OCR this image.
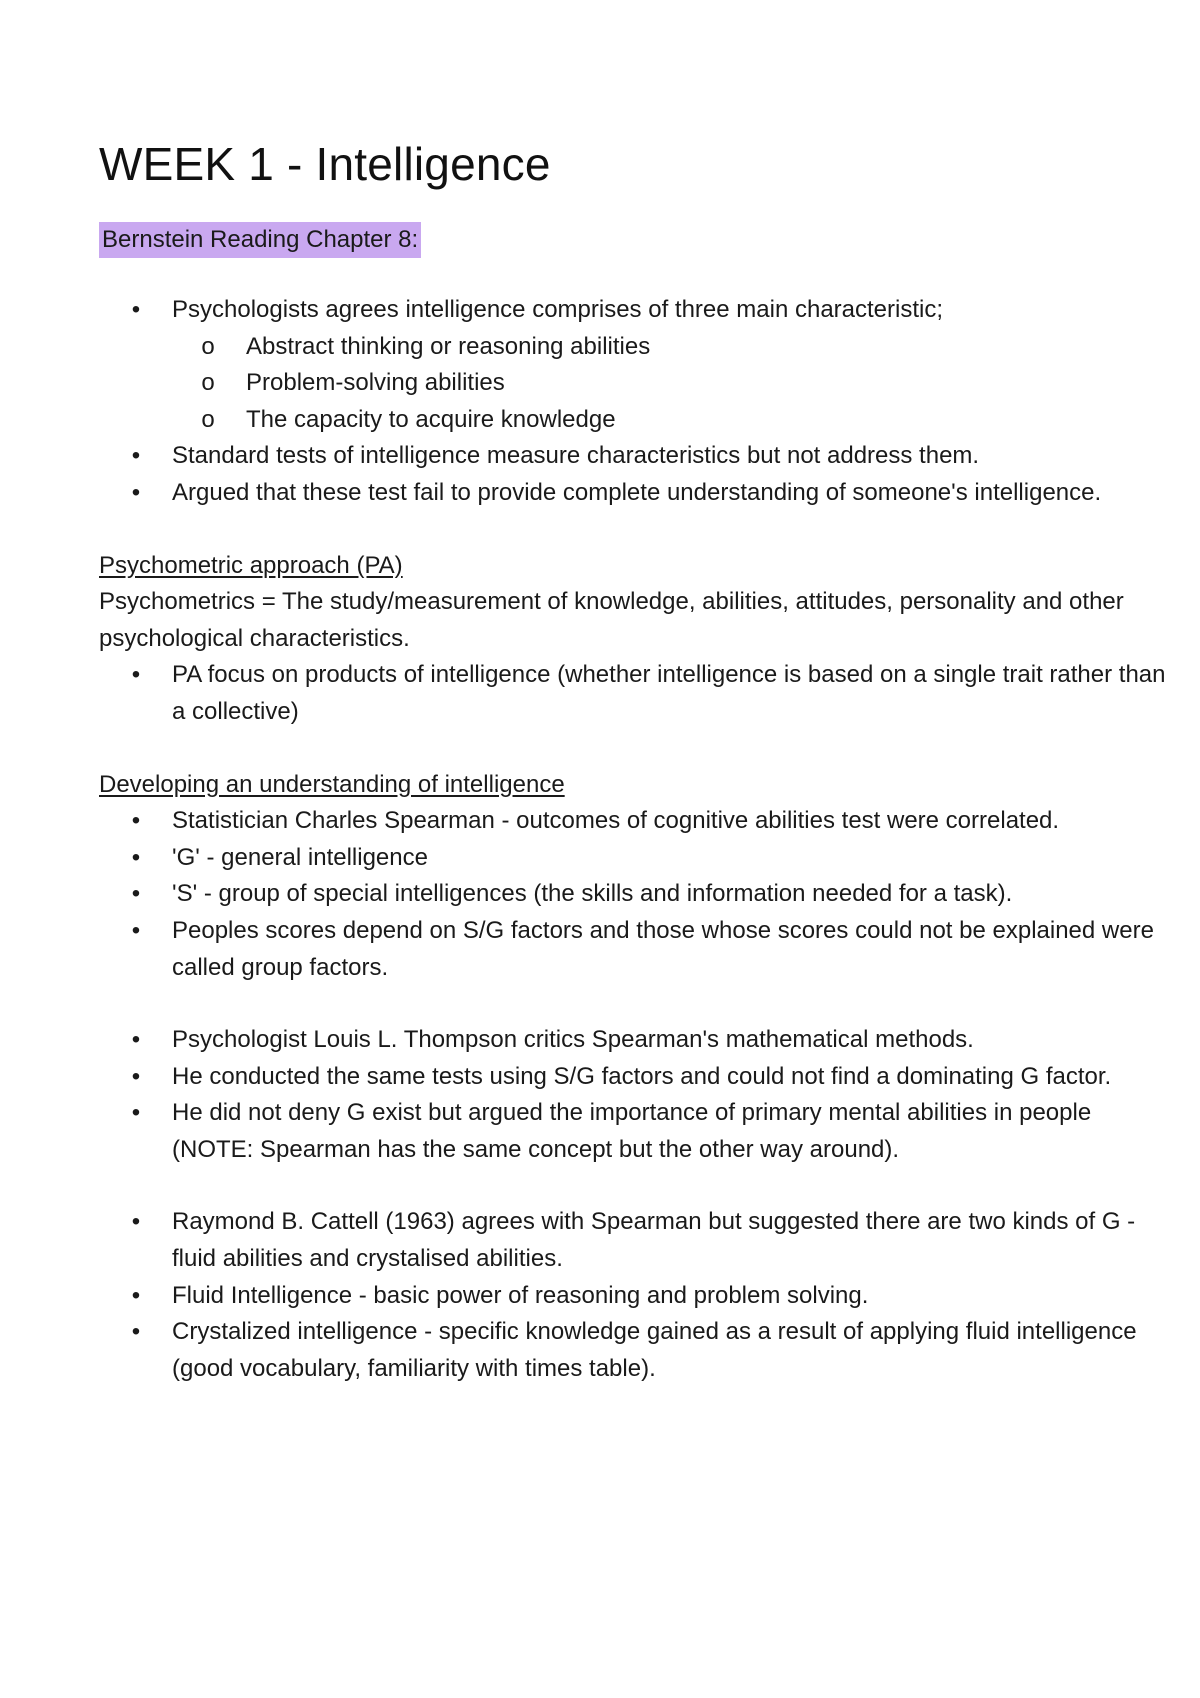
WEEK 1 - Intelligence
Bernstein Reading Chapter 8:
• Psychologists agrees intelligence comprises of three main characteristic;
o Abstract thinking or reasoning abilities
o Problem-solving abilities
o The capacity to acquire knowledge
• Standard tests of intelligence measure characteristics but not address them.
• Argued that these test fail to provide complete understanding of someone's intelligence.

Psychometric approach (PA)

Psychometrics = The study/measurement of knowledge, abilities, attitudes, personality and other psychological characteristics.

• PA focus on products of intelligence (whether intelligence is based on a single trait rather than a collective)

Developing an understanding of intelligence

• Statistician Charles Spearman - outcomes of cognitive abilities test were correlated.
• 'G' - general intelligence
• 'S' - group of special intelligences (the skills and information needed for a task).
• Peoples scores depend on S/G factors and those whose scores could not be explained were called group factors.
• Psychologist Louis L. Thompson critics Spearman's mathematical methods.
• He conducted the same tests using S/G factors and could not find a dominating G factor.
• He did not deny G exist but argued the importance of primary mental abilities in people (NOTE: Spearman has the same concept but the other way around).
• Raymond B. Cattell (1963) agrees with Spearman but suggested there are two kinds of G - fluid abilities and crystalised abilities.
• Fluid Intelligence - basic power of reasoning and problem solving.
• Crystalized intelligence - specific knowledge gained as a result of applying fluid intelligence (good vocabulary, familiarity with times table).
